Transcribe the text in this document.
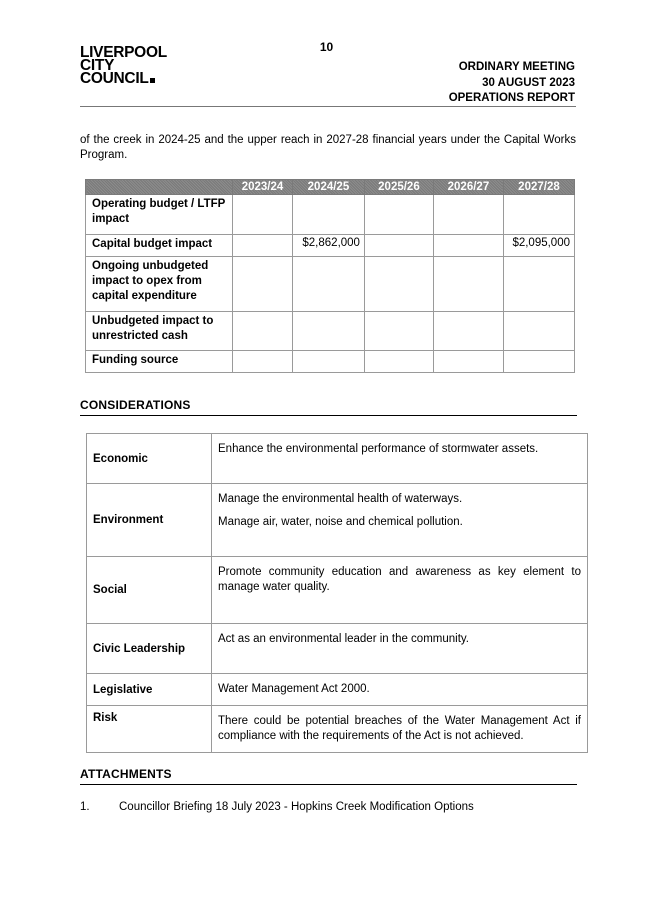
10
LIVERPOOL
CITY
COUNCIL
ORDINARY MEETING
30 AUGUST 2023
OPERATIONS REPORT
of the creek in 2024-25 and the upper reach in 2027-28 financial years under the Capital Works Program.
	2023/24	2024/25	2025/26	2026/27	2027/28
Operating budget / LTFP impact					
Capital budget impact		$2,862,000			$2,095,000
Ongoing unbudgeted impact to opex from capital expenditure					
Unbudgeted impact to unrestricted cash					
Funding source					
CONSIDERATIONS
Economic	Enhance the environmental performance of stormwater assets.

Environment	Manage the environmental health of waterways.

Manage air, water, noise and chemical pollution.

Social	Promote community education and awareness as key element to manage water quality.

Civic Leadership	Act as an environmental leader in the community.

Legislative	Water Management Act 2000.

Risk	There could be potential breaches of the Water Management Act if compliance with the requirements of the Act is not achieved.

ATTACHMENTS
1.	Councillor Briefing 18 July 2023 - Hopkins Creek Modification Options
